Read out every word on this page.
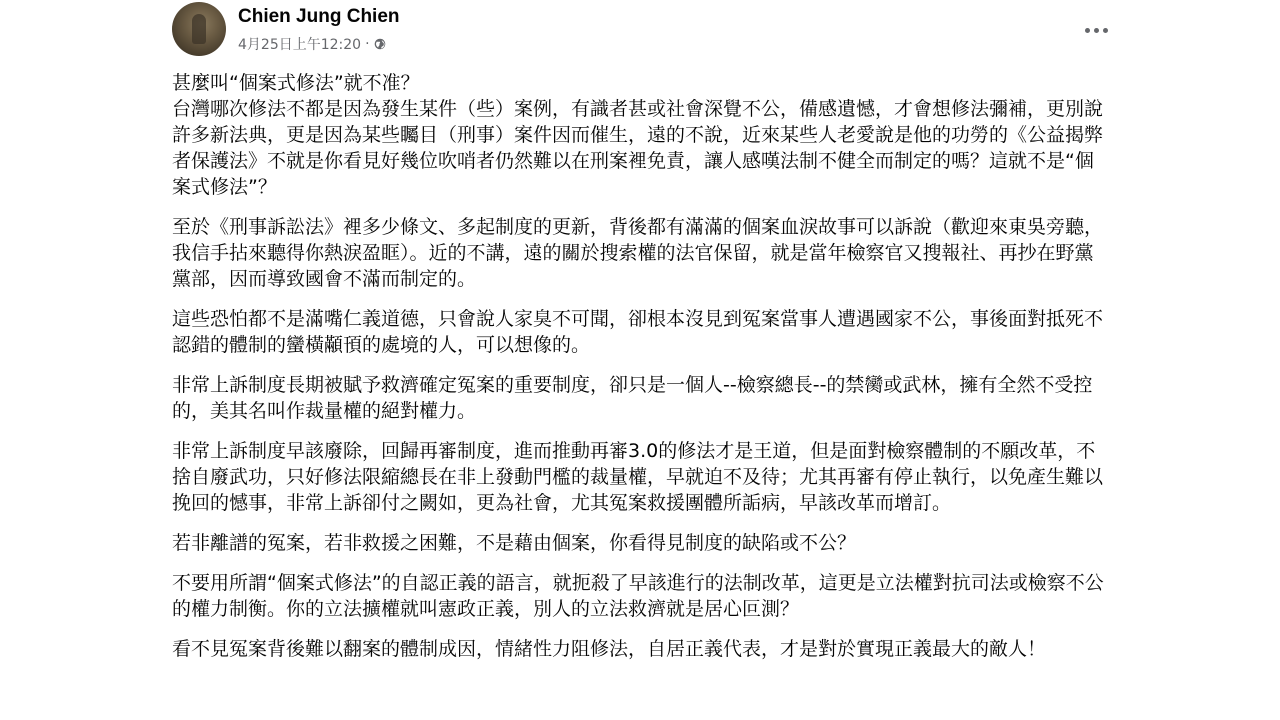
Chien Jung Chien
4月25日上午12:20 ·

甚麼叫“個案式修法”就不准？
台灣哪次修法不都是因為發生某件（些）案例，有識者甚或社會深覺不公，備感遺憾，才會想修法彌補，更別說許多新法典，更是因為某些矚目（刑事）案件因而催生，遠的不說，近來某些人老愛說是他的功勞的《公益揭弊者保護法》不就是你看見好幾位吹哨者仍然難以在刑案裡免責，讓人感嘆法制不健全而制定的嗎？這就不是“個案式修法”？

至於《刑事訴訟法》裡多少條文、多起制度的更新，背後都有滿滿的個案血淚故事可以訴說（歡迎來東吳旁聽，我信手拈來聽得你熱淚盈眶）。近的不講，遠的關於搜索權的法官保留，就是當年檢察官又搜報社、再抄在野黨黨部，因而導致國會不滿而制定的。

這些恐怕都不是滿嘴仁義道德，只會說人家臭不可聞，卻根本沒見到冤案當事人遭遇國家不公，事後面對抵死不認錯的體制的蠻橫顢頇的處境的人，可以想像的。

非常上訴制度長期被賦予救濟確定冤案的重要制度，卻只是一個人--檢察總長--的禁臠或武林，擁有全然不受控的，美其名叫作裁量權的絕對權力。

非常上訴制度早該廢除，回歸再審制度，進而推動再審3.0的修法才是王道，但是面對檢察體制的不願改革，不捨自廢武功，只好修法限縮總長在非上發動門檻的裁量權，早就迫不及待；尤其再審有停止執行，以免產生難以挽回的憾事，非常上訴卻付之闕如，更為社會，尤其冤案救援團體所詬病，早該改革而增訂。

若非離譜的冤案，若非救援之困難，不是藉由個案，你看得見制度的缺陷或不公？

不要用所謂“個案式修法”的自認正義的語言，就扼殺了早該進行的法制改革，這更是立法權對抗司法或檢察不公的權力制衡。你的立法擴權就叫憲政正義，別人的立法救濟就是居心叵測？

看不見冤案背後難以翻案的體制成因，情緒性力阻修法，自居正義代表，才是對於實現正義最大的敵人！
